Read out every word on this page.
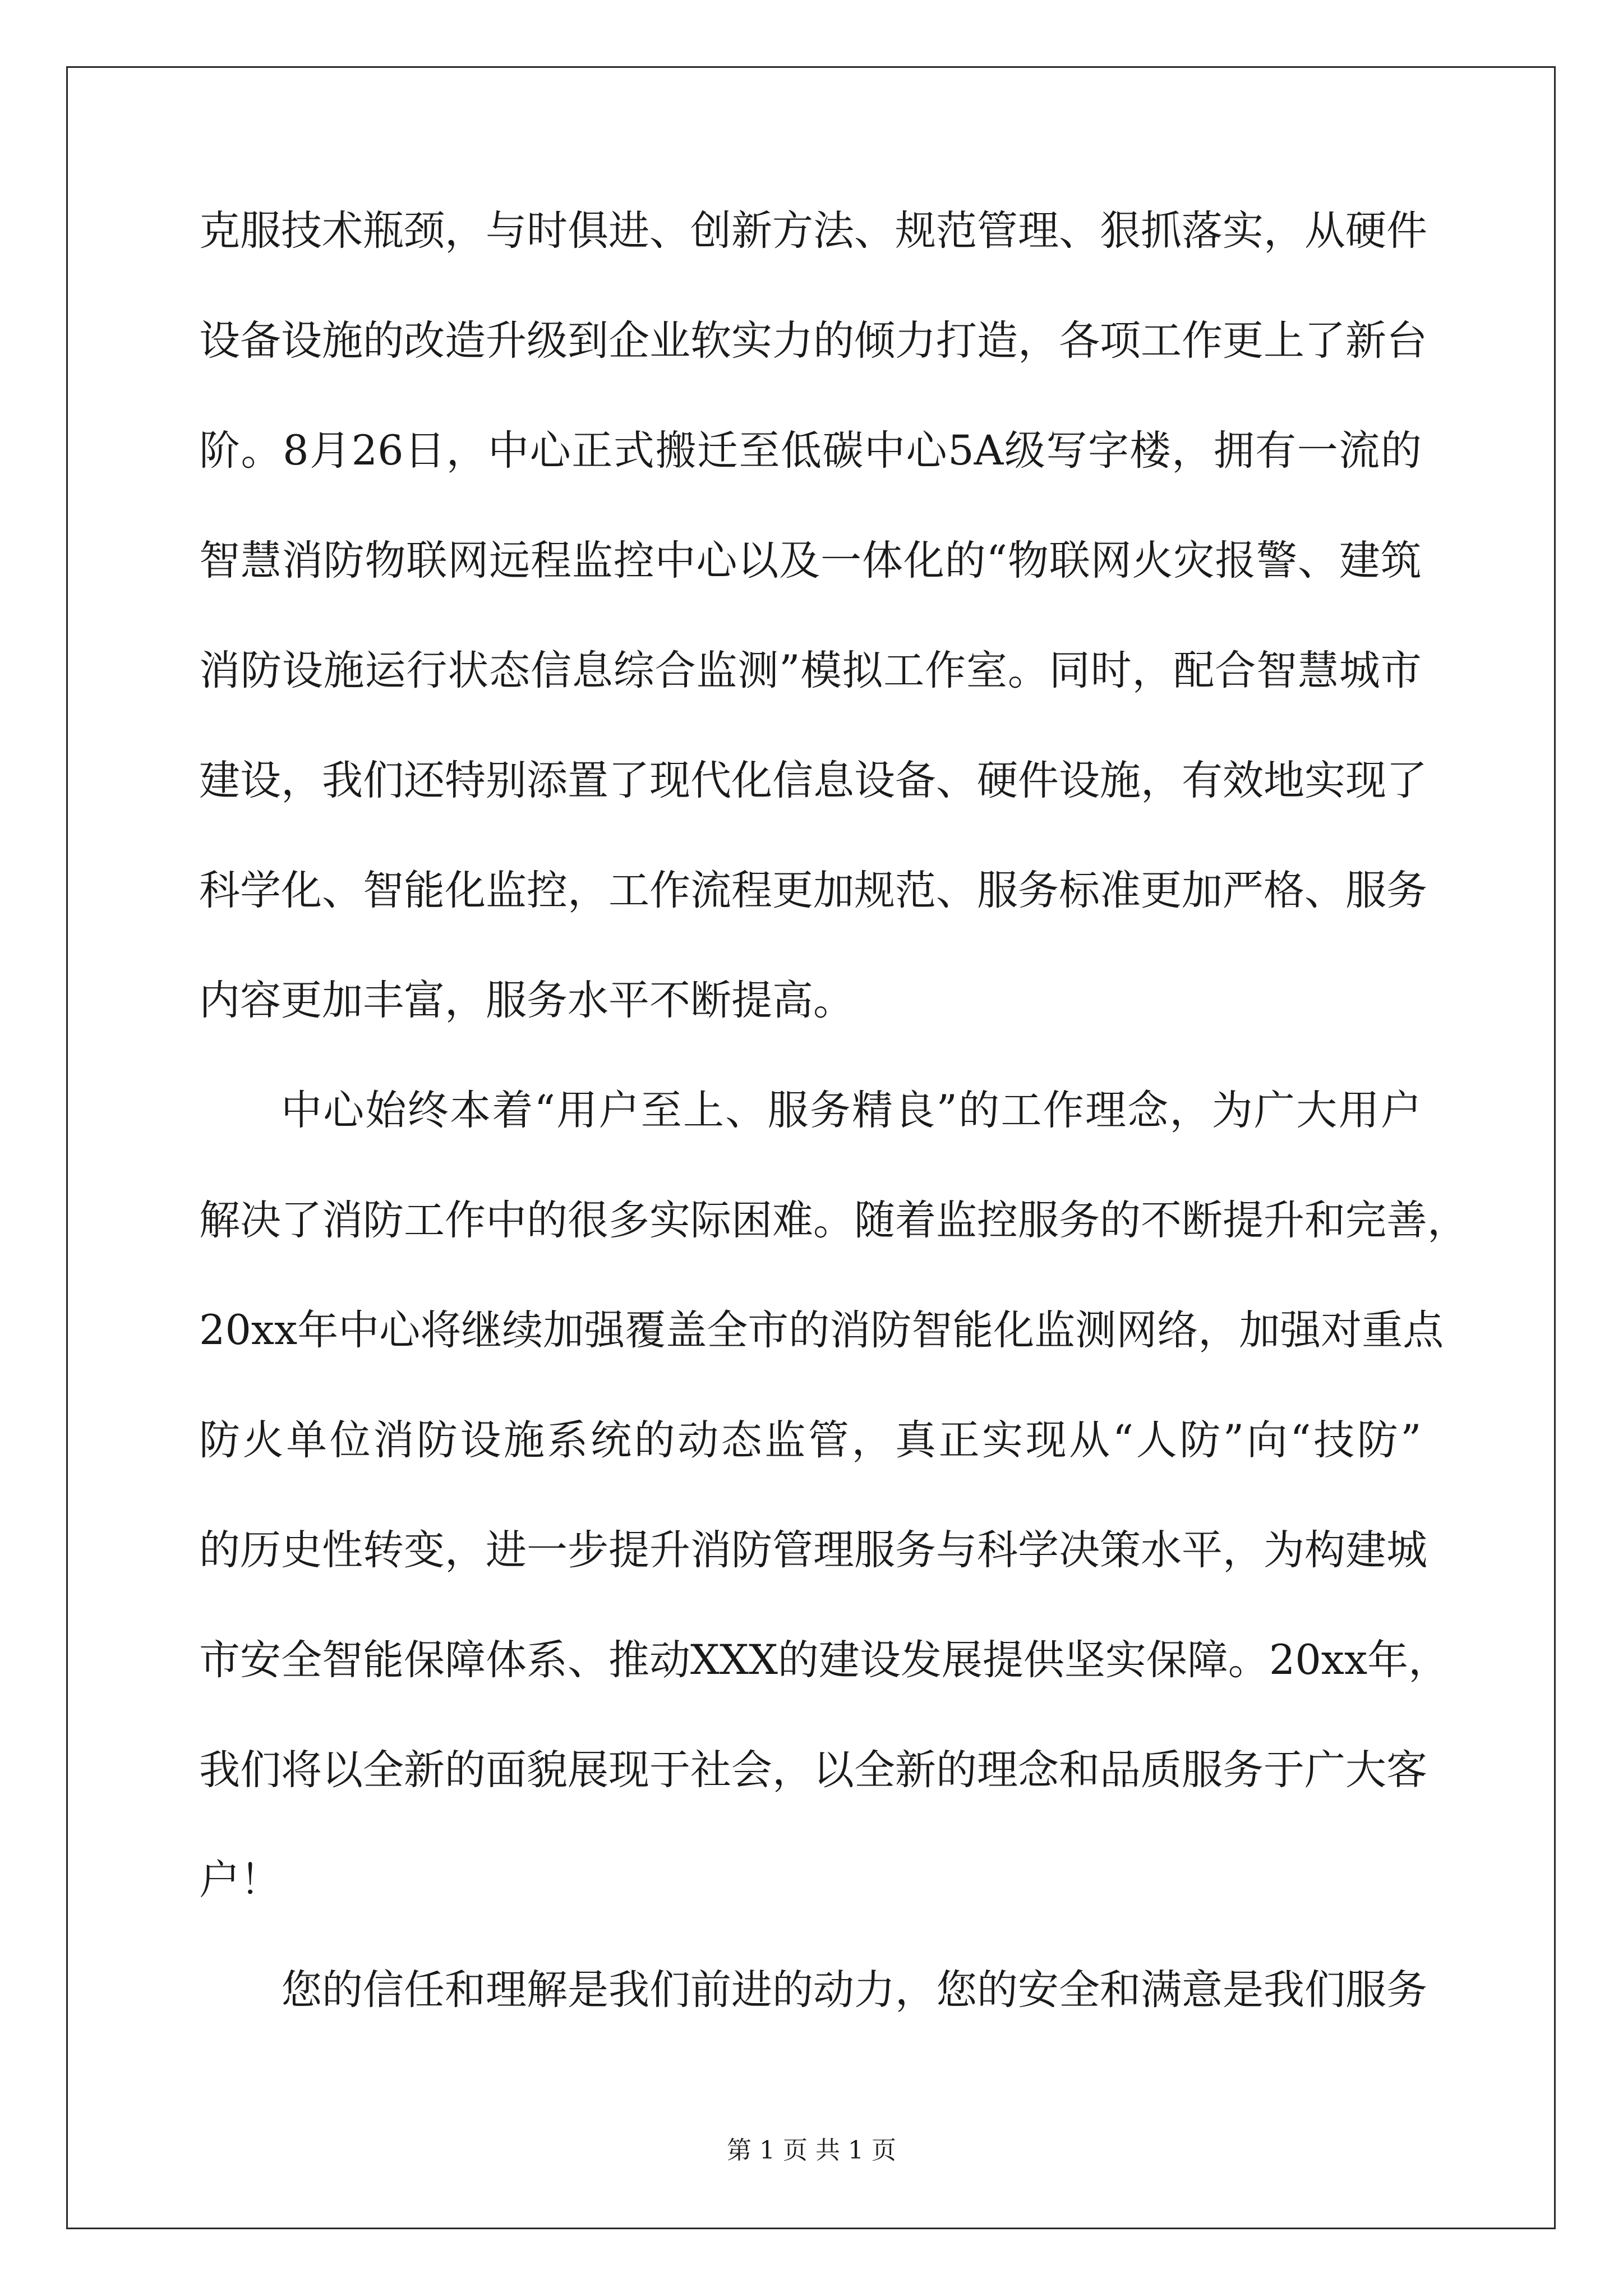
克 服 技 术 瓶 颈 ， 与 时 俱 进 、 创 新 方 法 、 规 范 管 理 、 狠 抓 落 实 ， 从 硬 件
设 备 设 施 的 改 造 升 级 到 企 业 软 实 力 的 倾 力 打 造 ， 各 项 工 作 更 上 了 新 台
阶 。 8 月 26 日 ， 中 心 正 式 搬 迁 至 低 碳 中 心 5A 级 写 字 楼 ， 拥 有 一 流 的
智 慧 消 防 物 联 网 远 程 监 控 中 心 以 及 一 体 化 的 “ 物 联 网 火 灾 报 警 、 建 筑
消 防 设 施 运 行 状 态 信 息 综 合 监 测 ” 模 拟 工 作 室 。 同 时 ， 配 合 智 慧 城 市
建 设 ， 我 们 还 特 别 添 置 了 现 代 化 信 息 设 备 、 硬 件 设 施 ， 有 效 地 实 现 了
科 学 化 、 智 能 化 监 控 ， 工 作 流 程 更 加 规 范 、 服 务 标 准 更 加 严 格 、 服 务
内容更加丰富，服务水平不断提高。
中 心 始 终 本 着 “ 用 户 至 上 、 服 务 精 良 ” 的 工 作 理 念 ， 为 广 大 用 户
解 决 了 消 防 工 作 中 的 很 多 实 际 困 难 。 随 着 监 控 服 务 的 不 断 提 升 和 完 善 ，
20xx 年 中 心 将 继 续 加 强 覆 盖 全 市 的 消 防 智 能 化 监 测 网 络 ， 加 强 对 重 点
防 火 单 位 消 防 设 施 系 统 的 动 态 监 管 ， 真 正 实 现 从 “ 人 防 ” 向 “ 技 防 ”
的 历 史 性 转 变 ， 进 一 步 提 升 消 防 管 理 服 务 与 科 学 决 策 水 平 ， 为 构 建 城
市 安 全 智 能 保 障 体 系 、 推 动 XXX 的 建 设 发 展 提 供 坚 实 保 障 。 20xx 年 ，
我 们 将 以 全 新 的 面 貌 展 现 于 社 会 ， 以 全 新 的 理 念 和 品 质 服 务 于 广 大 客
户！
您 的 信 任 和 理 解 是 我 们 前 进 的 动 力 ， 您 的 安 全 和 满 意 是 我 们 服 务
第 1 页 共 1 页
